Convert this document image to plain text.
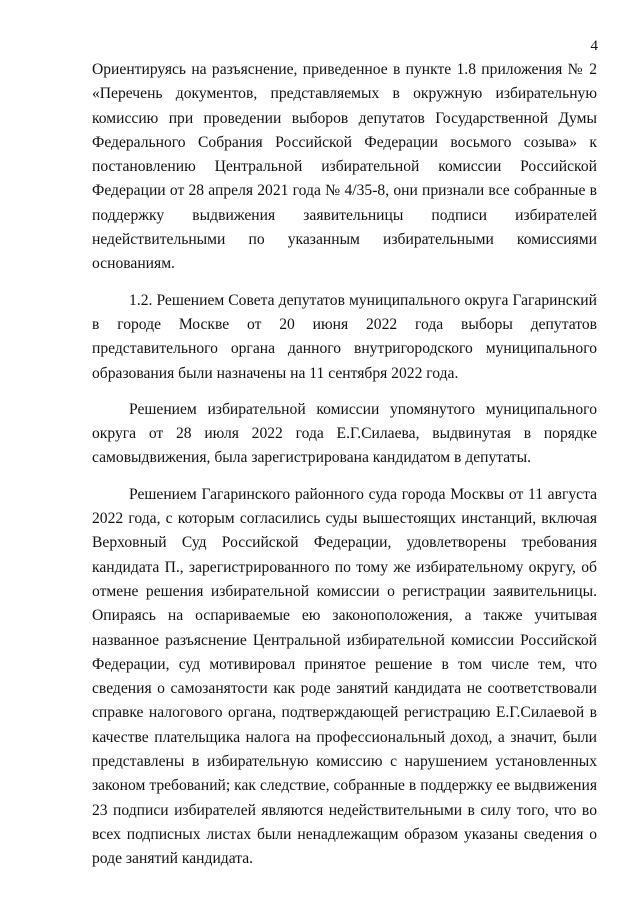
4

Ориентируясь на разъяснение, приведенное в пункте 1.8 приложения № 2 «Перечень документов, представляемых в окружную избирательную комиссию при проведении выборов депутатов Государственной Думы Федерального Собрания Российской Федерации восьмого созыва» к постановлению Центральной избирательной комиссии Российской Федерации от 28 апреля 2021 года № 4/35-8, они признали все собранные в поддержку выдвижения заявительницы подписи избирателей недействительными по указанным избирательными комиссиями основаниям.

1.2. Решением Совета депутатов муниципального округа Гагаринский в городе Москве от 20 июня 2022 года выборы депутатов представительного органа данного внутригородского муниципального образования были назначены на 11 сентября 2022 года.

Решением избирательной комиссии упомянутого муниципального округа от 28 июля 2022 года Е.Г.Силаева, выдвинутая в порядке самовыдвижения, была зарегистрирована кандидатом в депутаты.

Решением Гагаринского районного суда города Москвы от 11 августа 2022 года, с которым согласились суды вышестоящих инстанций, включая Верховный Суд Российской Федерации, удовлетворены требования кандидата П., зарегистрированного по тому же избирательному округу, об отмене решения избирательной комиссии о регистрации заявительницы. Опираясь на оспариваемые ею законоположения, а также учитывая названное разъяснение Центральной избирательной комиссии Российской Федерации, суд мотивировал принятое решение в том числе тем, что сведения о самозанятости как роде занятий кандидата не соответствовали справке налогового органа, подтверждающей регистрацию Е.Г.Силаевой в качестве плательщика налога на профессиональный доход, а значит, были представлены в избирательную комиссию с нарушением установленных законом требований; как следствие, собранные в поддержку ее выдвижения 23 подписи избирателей являются недействительными в силу того, что во всех подписных листах были ненадлежащим образом указаны сведения о роде занятий кандидата.
